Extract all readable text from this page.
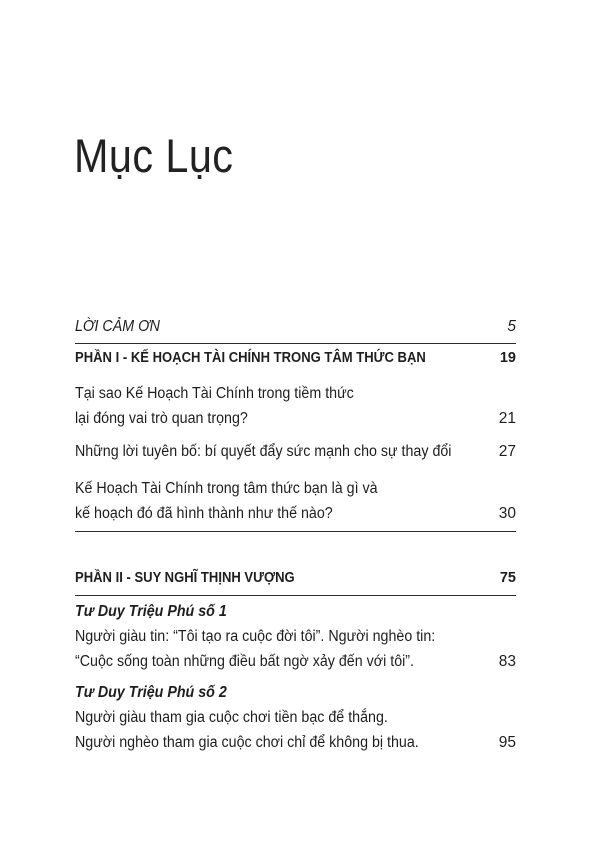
Mục Lục
LỜI CẢM ƠN	5
PHẦN I - KẾ HOẠCH TÀI CHÍNH TRONG TÂM THỨC BẠN	19
Tại sao Kế Hoạch Tài Chính trong tiềm thức
lại đóng vai trò quan trọng?	21
Những lời tuyên bố: bí quyết đẩy sức mạnh cho sự thay đổi	27
Kế Hoạch Tài Chính trong tâm thức bạn là gì và
kế hoạch đó đã hình thành như thế nào?	30
PHẦN II - SUY NGHĨ THỊNH VƯỢNG	75
Tư Duy Triệu Phú số 1
Người giàu tin: “Tôi tạo ra cuộc đời tôi”. Người nghèo tin:
“Cuộc sống toàn những điều bất ngờ xảy đến với tôi”.	83
Tư Duy Triệu Phú số 2
Người giàu tham gia cuộc chơi tiền bạc để thắng.
Người nghèo tham gia cuộc chơi chỉ để không bị thua.	95
